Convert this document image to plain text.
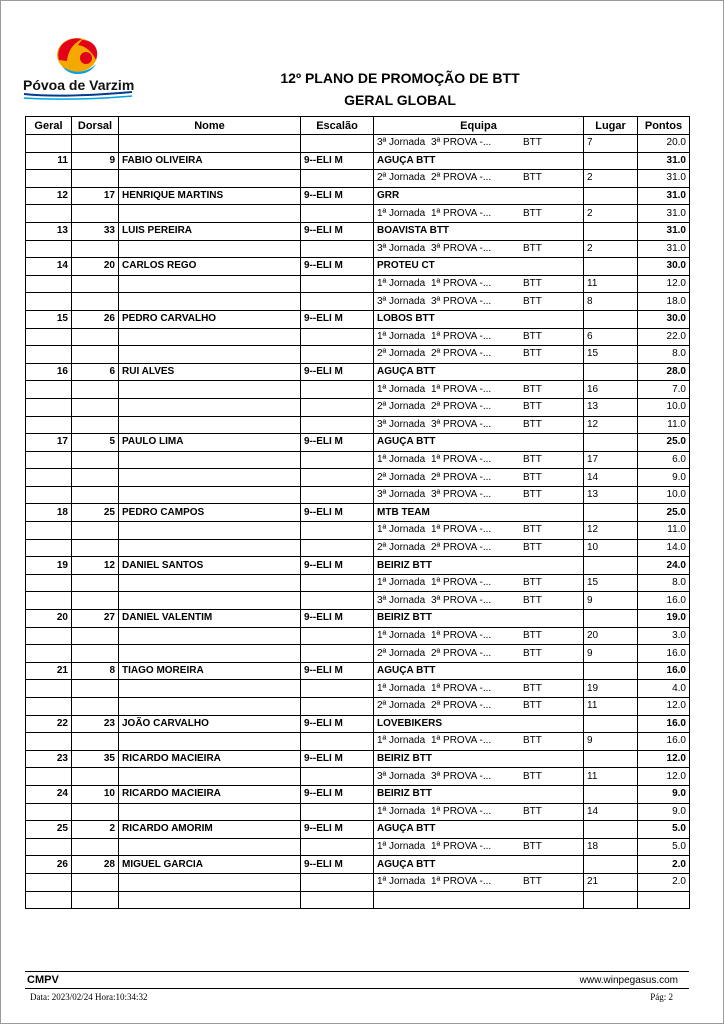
Póvoa de Varzim	12º PLANO DE PROMOÇÃO DE BTT
GERAL GLOBAL
Geral	Dorsal	Nome	Escalão	Equipa	Lugar	Pontos
				3ª Jornada 3ª PROVA -... BTT	7	20.0
11	9	FABIO OLIVEIRA	9--ELI M	AGUÇA BTT		31.0
				2ª Jornada 2ª PROVA -... BTT	2	31.0
12	17	HENRIQUE MARTINS	9--ELI M	GRR		31.0
				1ª Jornada 1ª PROVA -... BTT	2	31.0
13	33	LUIS PEREIRA	9--ELI M	BOAVISTA BTT		31.0
				3ª Jornada 3ª PROVA -... BTT	2	31.0
14	20	CARLOS REGO	9--ELI M	PROTEU CT		30.0
				1ª Jornada 1ª PROVA -... BTT	11	12.0
				3ª Jornada 3ª PROVA -... BTT	8	18.0
15	26	PEDRO CARVALHO	9--ELI M	LOBOS BTT		30.0
				1ª Jornada 1ª PROVA -... BTT	6	22.0
				2ª Jornada 2ª PROVA -... BTT	15	8.0
16	6	RUI ALVES	9--ELI M	AGUÇA BTT		28.0
				1ª Jornada 1ª PROVA -... BTT	16	7.0
				2ª Jornada 2ª PROVA -... BTT	13	10.0
				3ª Jornada 3ª PROVA -... BTT	12	11.0
17	5	PAULO LIMA	9--ELI M	AGUÇA BTT		25.0
				1ª Jornada 1ª PROVA -... BTT	17	6.0
				2ª Jornada 2ª PROVA -... BTT	14	9.0
				3ª Jornada 3ª PROVA -... BTT	13	10.0
18	25	PEDRO CAMPOS	9--ELI M	MTB TEAM		25.0
				1ª Jornada 1ª PROVA -... BTT	12	11.0
				2ª Jornada 2ª PROVA -... BTT	10	14.0
19	12	DANIEL SANTOS	9--ELI M	BEIRIZ BTT		24.0
				1ª Jornada 1ª PROVA -... BTT	15	8.0
				3ª Jornada 3ª PROVA -... BTT	9	16.0
20	27	DANIEL VALENTIM	9--ELI M	BEIRIZ BTT		19.0
				1ª Jornada 1ª PROVA -... BTT	20	3.0
				2ª Jornada 2ª PROVA -... BTT	9	16.0
21	8	TIAGO MOREIRA	9--ELI M	AGUÇA BTT		16.0
				1ª Jornada 1ª PROVA -... BTT	19	4.0
				2ª Jornada 2ª PROVA -... BTT	11	12.0
22	23	JOÃO CARVALHO	9--ELI M	LOVEBIKERS		16.0
				1ª Jornada 1ª PROVA -... BTT	9	16.0
23	35	RICARDO MACIEIRA	9--ELI M	BEIRIZ BTT		12.0
				3ª Jornada 3ª PROVA -... BTT	11	12.0
24	10	RICARDO MACIEIRA	9--ELI M	BEIRIZ BTT		9.0
				1ª Jornada 1ª PROVA -... BTT	14	9.0
25	2	RICARDO AMORIM	9--ELI M	AGUÇA BTT		5.0
				1ª Jornada 1ª PROVA -... BTT	18	5.0
26	28	MIGUEL GARCIA	9--ELI M	AGUÇA BTT		2.0
				1ª Jornada 1ª PROVA -... BTT	21	2.0

CMPV	www.winpegasus.com
Data: 2023/02/24 Hora:10:34:32	Pág: 2
